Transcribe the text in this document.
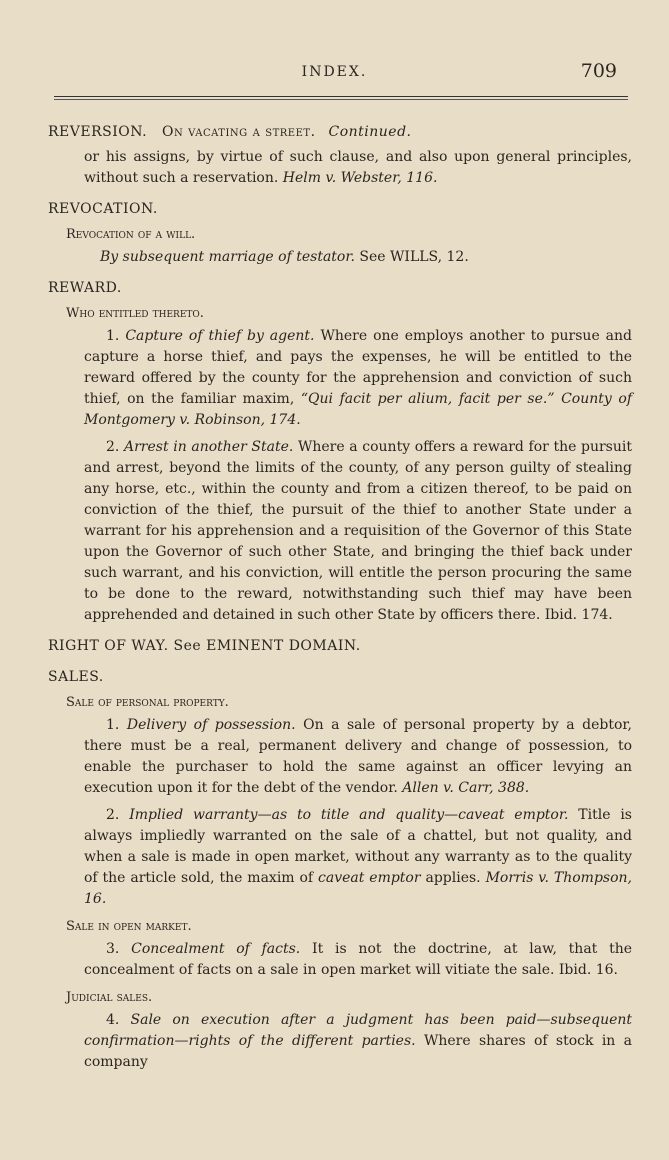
INDEX.	709
REVERSION. On vacating a street. Continued.
or his assigns, by virtue of such clause, and also upon general principles, without such a reservation. Helm v. Webster, 116.
REVOCATION.
Revocation of a will.
By subsequent marriage of testator. See WILLS, 12.
REWARD.
Who entitled thereto.
1. Capture of thief by agent. Where one employs another to pursue and capture a horse thief, and pays the expenses, he will be entitled to the reward offered by the county for the apprehension and conviction of such thief, on the familiar maxim, “Qui facit per alium, facit per se.” County of Montgomery v. Robinson, 174.
2. Arrest in another State. Where a county offers a reward for the pursuit and arrest, beyond the limits of the county, of any person guilty of stealing any horse, etc., within the county and from a citizen thereof, to be paid on conviction of the thief, the pursuit of the thief to another State under a warrant for his apprehension and a requisition of the Governor of this State upon the Governor of such other State, and bringing the thief back under such warrant, and his conviction, will entitle the person procuring the same to be done to the reward, notwithstanding such thief may have been apprehended and detained in such other State by officers there. Ibid. 174.
RIGHT OF WAY. See EMINENT DOMAIN.
SALES.
Sale of personal property.
1. Delivery of possession. On a sale of personal property by a debtor, there must be a real, permanent delivery and change of possession, to enable the purchaser to hold the same against an officer levying an execution upon it for the debt of the vendor. Allen v. Carr, 388.
2. Implied warranty—as to title and quality—caveat emptor. Title is always impliedly warranted on the sale of a chattel, but not quality, and when a sale is made in open market, without any warranty as to the quality of the article sold, the maxim of caveat emptor applies. Morris v. Thompson, 16.
Sale in open market.
3. Concealment of facts. It is not the doctrine, at law, that the concealment of facts on a sale in open market will vitiate the sale. Ibid. 16.
Judicial sales.
4. Sale on execution after a judgment has been paid—subsequent confirmation—rights of the different parties. Where shares of stock in a company
